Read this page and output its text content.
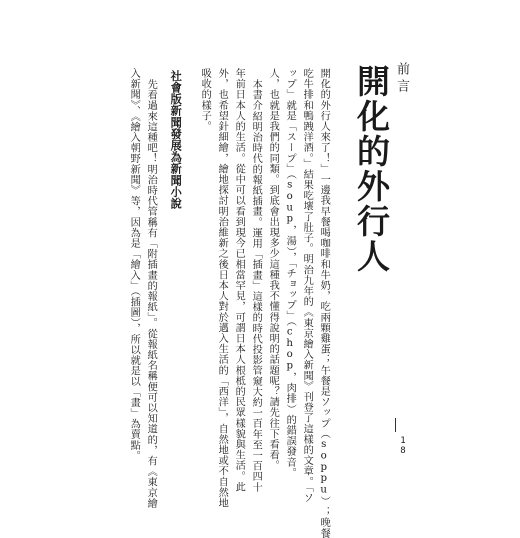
前言
開化的外行人
開化的外行人來了！」一邊我早餐喝咖啡和牛奶，吃兩顆雞蛋；午餐是ソップ（soppu）；晚餐
吃牛排和鴨跩洋酒。」結果吃壞了肚子。明治九年的《東京繪入新聞》刊登了這樣的文章。「ソ
ップ」就是「スープ」（soup，湯），「チョップ」（chop，肉排）的錯誤發音。
人，也就是我們的同類。到底會出現多少這種我不懂得說明的話題呢？請先往下看看。
本書介紹明治時代的報紙插畫。運用「插畫」這樣的時代投影管窺大約一百年至一百四十
年前日本人的生活。從中可以看到現今已相當罕見，可謂日本人根柢的民眾樣貌與生活。此
外，也希望針細繪，繪地探討明治維新之後日本人對於邁入生活的「西洋」，自然地或不自然地
吸收的樣子。
社會版新聞發展為新聞小說
先看過來這種吧！明治時代管稱有「附插畫的報紙」。從報紙名稱便可以知道的，有《東京繪
入新聞》、《繪入朝野新聞》等，因為是「繪入」（插圖），所以就是以「畫」為賣點。	18
